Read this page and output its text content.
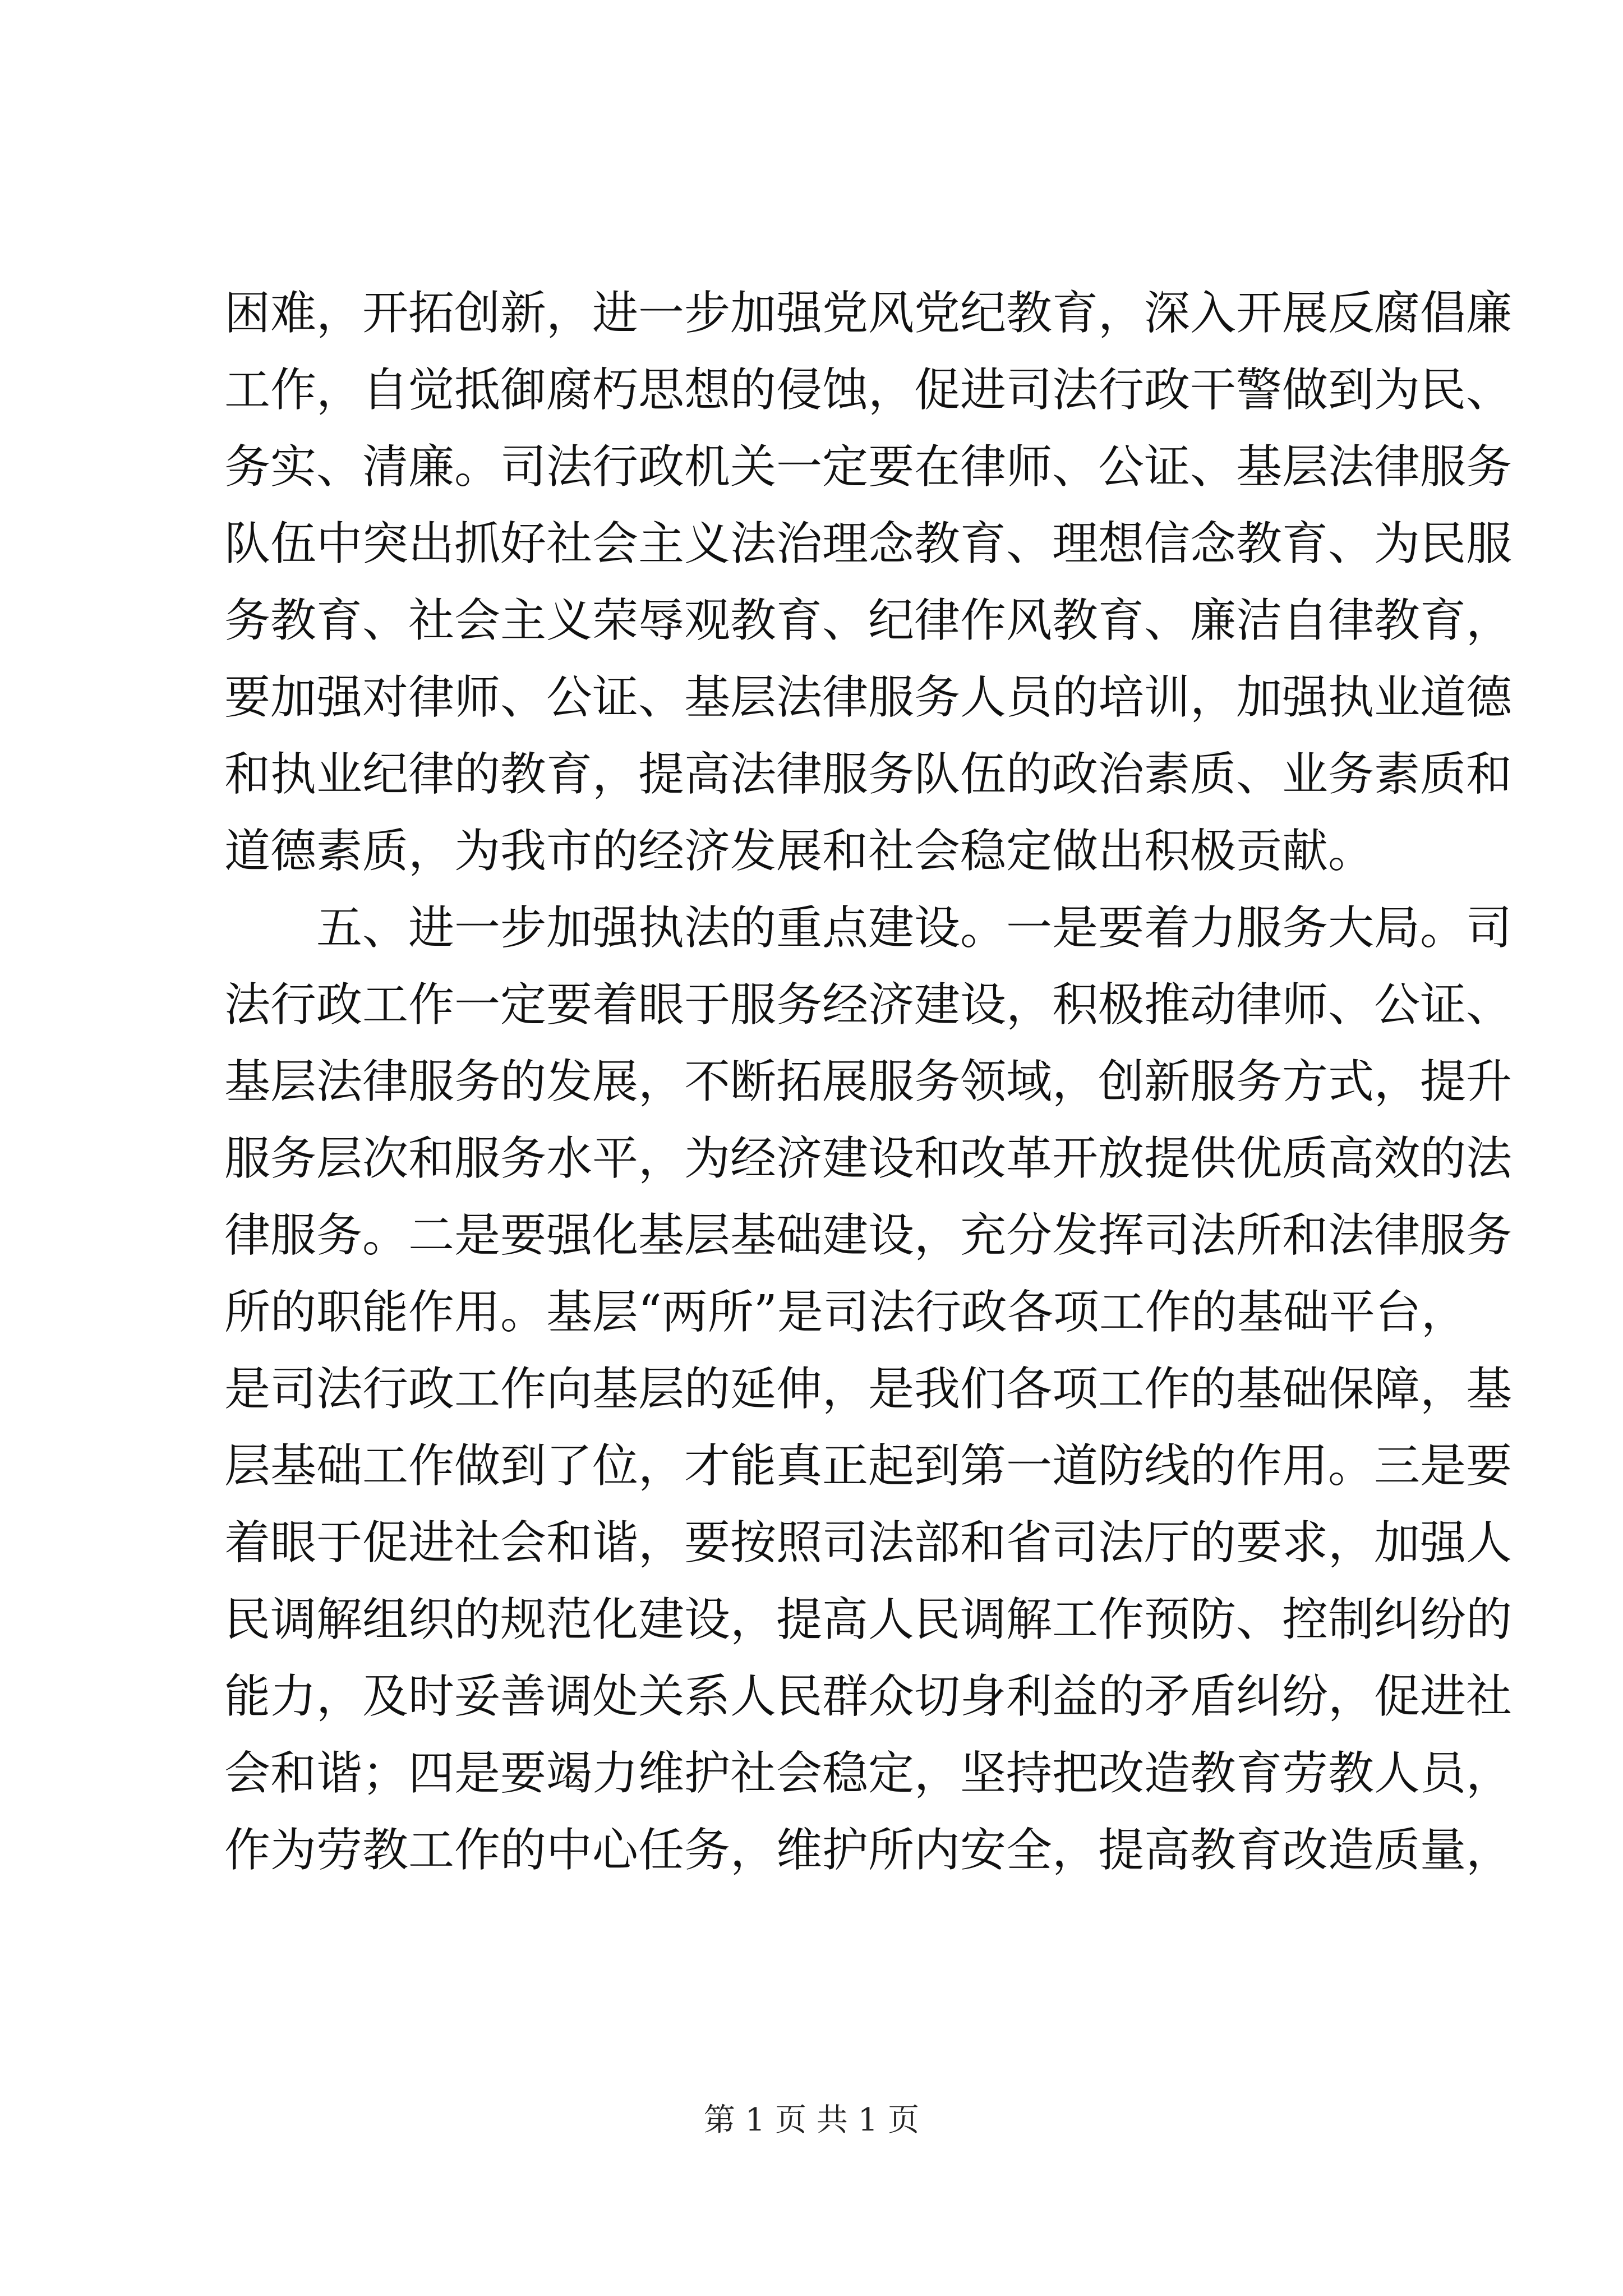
困难，开拓创新，进一步加强党风党纪教育，深入开展反腐倡廉
工作，自觉抵御腐朽思想的侵蚀，促进司法行政干警做到为民、
务实、清廉。司法行政机关一定要在律师、公证、基层法律服务
队伍中突出抓好社会主义法治理念教育、理想信念教育、为民服
务教育、社会主义荣辱观教育、纪律作风教育、廉洁自律教育，
要加强对律师、公证、基层法律服务人员的培训，加强执业道德
和执业纪律的教育，提高法律服务队伍的政治素质、业务素质和
道德素质，为我市的经济发展和社会稳定做出积极贡献。
五、进一步加强执法的重点建设。一是要着力服务大局。司
法行政工作一定要着眼于服务经济建设，积极推动律师、公证、
基层法律服务的发展，不断拓展服务领域，创新服务方式，提升
服务层次和服务水平，为经济建设和改革开放提供优质高效的法
律服务。二是要强化基层基础建设，充分发挥司法所和法律服务
所的职能作用。基层“两所”是司法行政各项工作的基础平台，
是司法行政工作向基层的延伸，是我们各项工作的基础保障，基
层基础工作做到了位，才能真正起到第一道防线的作用。三是要
着眼于促进社会和谐，要按照司法部和省司法厅的要求，加强人
民调解组织的规范化建设，提高人民调解工作预防、控制纠纷的
能力，及时妥善调处关系人民群众切身利益的矛盾纠纷，促进社
会和谐；四是要竭力维护社会稳定，坚持把改造教育劳教人员，
作为劳教工作的中心任务，维护所内安全，提高教育改造质量，
第 1 页 共 1 页
